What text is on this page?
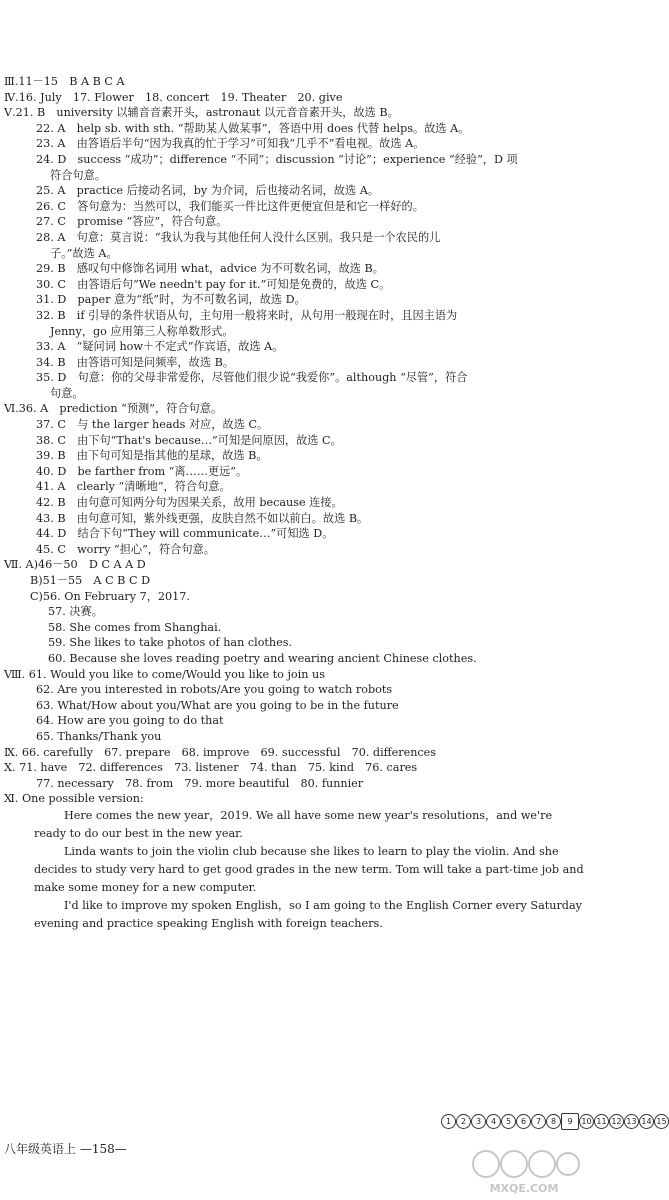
Ⅲ.11－15　B A B C A
Ⅳ.16. July　17. Flower　18. concert　19. Theater　20. give
Ⅴ.21. B　university 以辅音音素开头，astronaut 以元音音素开头，故选 B。
22. A　help sb. with sth. “帮助某人做某事”，答语中用 does 代替 helps。故选 A。
23. A　由答语后半句“因为我真的忙于学习”可知我“几乎不”看电视。故选 A。
24. D　success “成功”；difference “不同”；discussion “讨论”；experience “经验”，D 项
符合句意。
25. A　practice 后接动名词，by 为介词，后也接动名词，故选 A。
26. C　答句意为：当然可以，我们能买一件比这件更便宜但是和它一样好的。
27. C　promise “答应”，符合句意。
28. A　句意：莫言说：“我认为我与其他任何人没什么区别。我只是一个农民的儿
子。”故选 A。
29. B　感叹句中修饰名词用 what，advice 为不可数名词，故选 B。
30. C　由答语后句“We needn't pay for it.”可知是免费的，故选 C。
31. D　paper 意为“纸”时，为不可数名词，故选 D。
32. B　if 引导的条件状语从句，主句用一般将来时，从句用一般现在时，且因主语为
Jenny，go 应用第三人称单数形式。
33. A　“疑问词 how＋不定式”作宾语，故选 A。
34. B　由答语可知是问频率，故选 B。
35. D　句意：你的父母非常爱你，尽管他们很少说“我爱你”。although “尽管”，符合
句意。
Ⅵ.36. A　prediction “预测”，符合句意。
37. C　与 the larger heads 对应，故选 C。
38. C　由下句“That's because…”可知是问原因，故选 C。
39. B　由下句可知是指其他的星球，故选 B。
40. D　be farther from “离……更远”。
41. A　clearly “清晰地”，符合句意。
42. B　由句意可知两分句为因果关系，故用 because 连接。
43. B　由句意可知，紫外线更强，皮肤自然不如以前白。故选 B。
44. D　结合下句“They will communicate…”可知选 D。
45. C　worry “担心”，符合句意。
Ⅶ. A)46－50　D C A A D
B)51－55　A C B C D
C)56. On February 7，2017.
57. 决赛。
58. She comes from Shanghai.
59. She likes to take photos of han clothes.
60. Because she loves reading poetry and wearing ancient Chinese clothes.
Ⅷ. 61. Would you like to come/Would you like to join us
62. Are you interested in robots/Are you going to watch robots
63. What/How about you/What are you going to be in the future
64. How are you going to do that
65. Thanks/Thank you
Ⅸ. 66. carefully　67. prepare　68. improve　69. successful　70. differences
Ⅹ. 71. have　72. differences　73. listener　74. than　75. kind　76. cares
77. necessary　78. from　79. more beautiful　80. funnier
Ⅺ. One possible version:

Here comes the new year，2019. We all have some new year's resolutions，and we're ready to do our best in the new year.

Linda wants to join the violin club because she likes to learn to play the violin. And she decides to study very hard to get good grades in the new term. Tom will take a part-time job and make some money for a new computer.

I'd like to improve my spoken English，so I am going to the English Corner every Saturday evening and practice speaking English with foreign teachers.

1	2	3	4	5	6	7	8	9	10 11 12 13 14 15
八年级英语上 —158—
MXQE.COM
